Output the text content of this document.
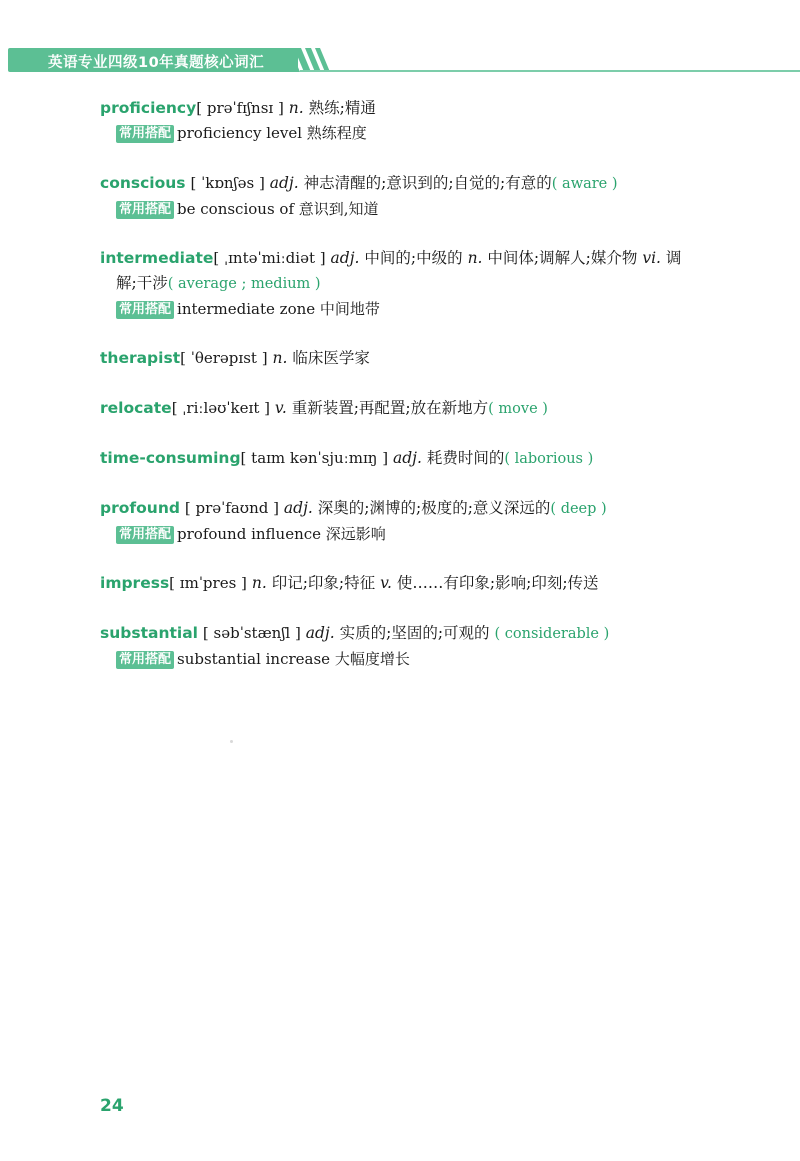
英语专业四级10年真题核心词汇
proficiency[ prəˈfɪʃnsɪ ] n. 熟练;精通
常用搭配 proficiency level 熟练程度
conscious [ ˈkɒnʃəs ] adj. 神志清醒的;意识到的;自觉的;有意的( aware )
常用搭配 be conscious of 意识到,知道
intermediate[ ˌɪntəˈmiːdiət ] adj. 中间的;中级的 n. 中间体;调解人;媒介物 vi. 调
解;干涉( average ; medium )
常用搭配 intermediate zone 中间地带
therapist[ ˈθerəpɪst ] n. 临床医学家
relocate[ ˌriːləʊˈkeɪt ] v. 重新装置;再配置;放在新地方( move )
time-consuming[ taɪm kənˈsjuːmɪŋ ] adj. 耗费时间的( laborious )
profound [ prəˈfaʊnd ] adj. 深奥的;渊博的;极度的;意义深远的( deep )
常用搭配 profound influence 深远影响
impress[ ɪmˈpres ] n. 印记;印象;特征 v. 使……有印象;影响;印刻;传送
substantial [ səbˈstænʃl ] adj. 实质的;坚固的;可观的 ( considerable )
常用搭配 substantial increase 大幅度增长
24
